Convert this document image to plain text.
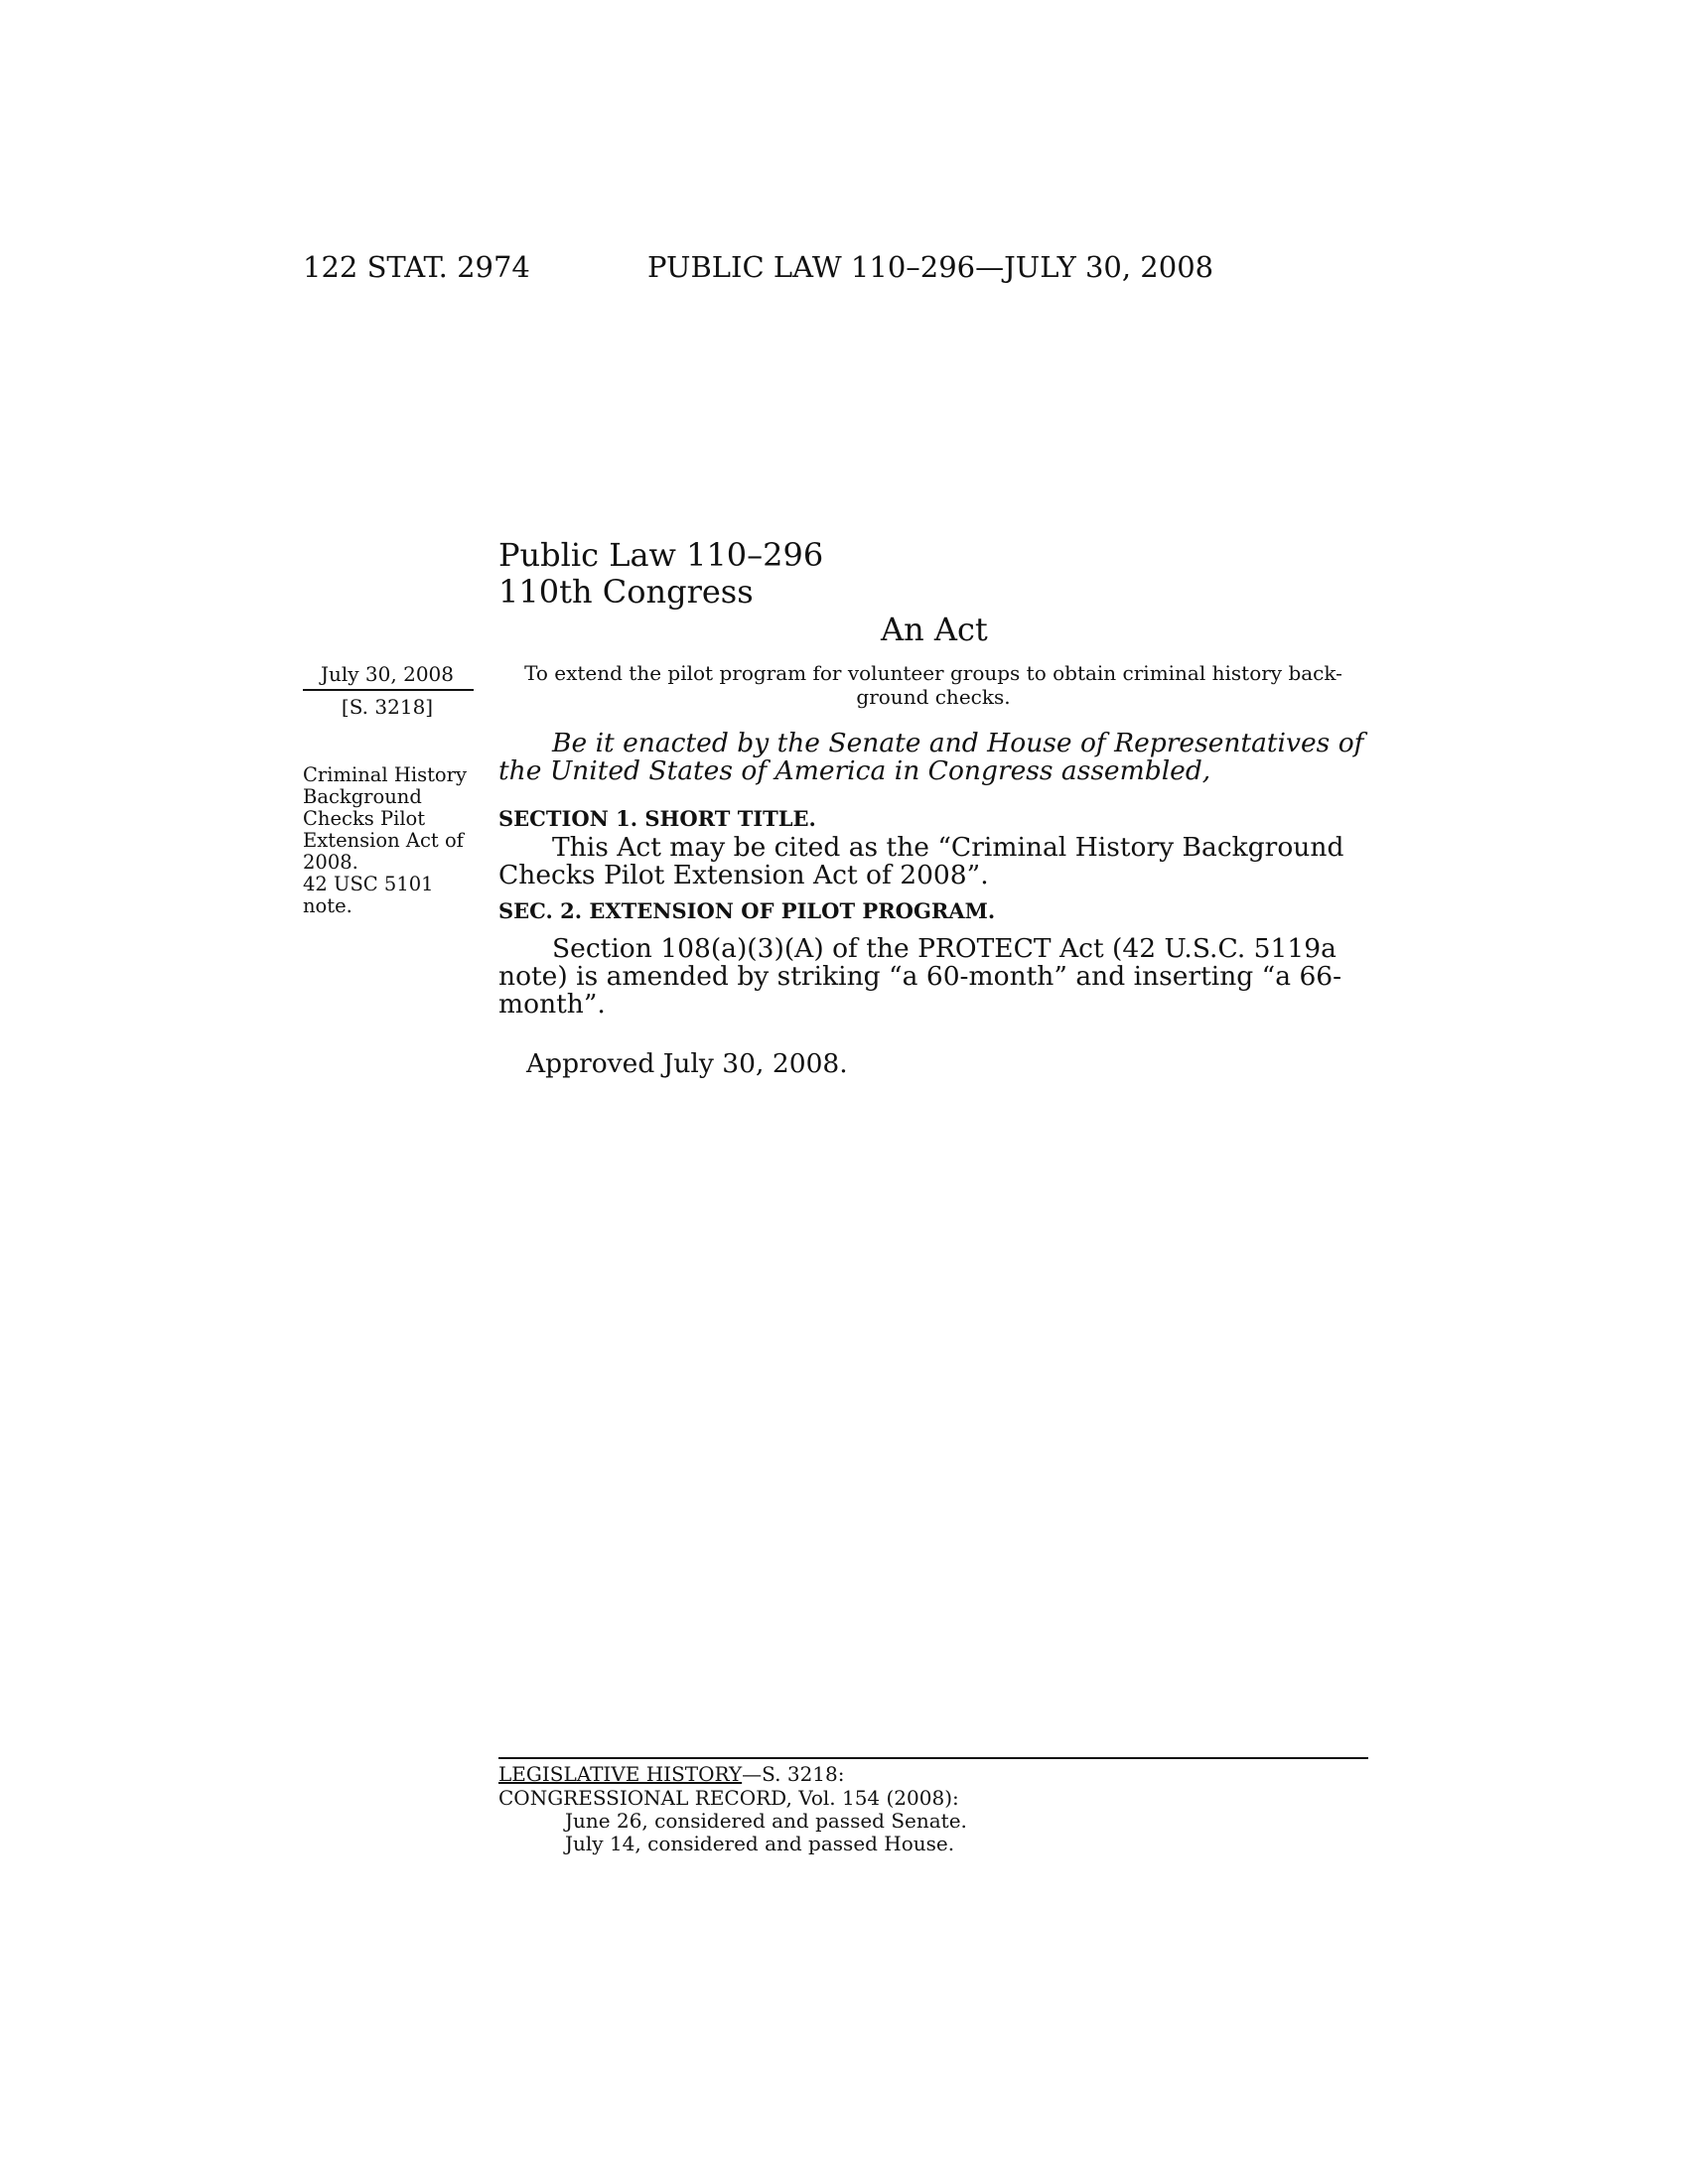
122 STAT. 2974	PUBLIC LAW 110–296—JULY 30, 2008
Public Law 110–296
110th Congress
An Act
July 30, 2008
[S. 3218]
Criminal History
Background
Checks Pilot
Extension Act of
2008.
42 USC 5101
note.
To extend the pilot program for volunteer groups to obtain criminal history back-
ground checks.
Be it enacted by the Senate and House of Representatives of
the United States of America in Congress assembled,
SECTION 1. SHORT TITLE.
This Act may be cited as the “Criminal History Background
Checks Pilot Extension Act of 2008”.
SEC. 2. EXTENSION OF PILOT PROGRAM.
Section 108(a)(3)(A) of the PROTECT Act (42 U.S.C. 5119a
note) is amended by striking “a 60-month” and inserting “a 66-
month”.
Approved July 30, 2008.
LEGISLATIVE HISTORY—S. 3218:
CONGRESSIONAL RECORD, Vol. 154 (2008):
June 26, considered and passed Senate.
July 14, considered and passed House.
